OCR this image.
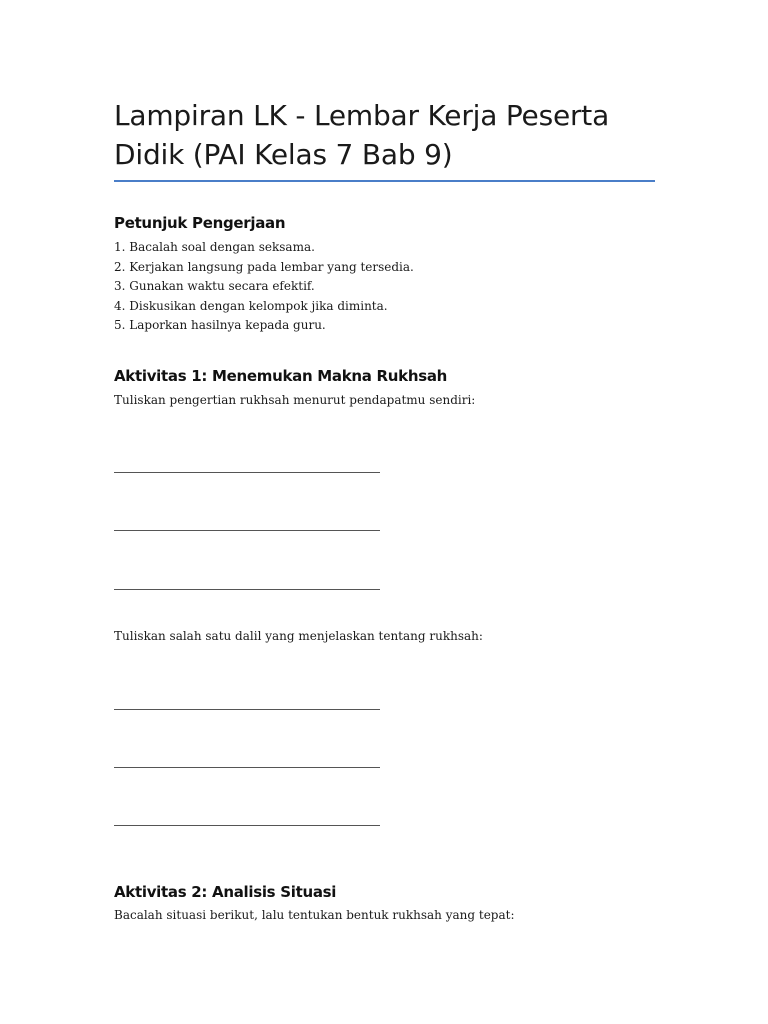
Lampiran LK - Lembar Kerja Peserta Didik (PAI Kelas 7 Bab 9)
Petunjuk Pengerjaan
1. Bacalah soal dengan seksama.
2. Kerjakan langsung pada lembar yang tersedia.
3. Gunakan waktu secara efektif.
4. Diskusikan dengan kelompok jika diminta.
5. Laporkan hasilnya kepada guru.
Aktivitas 1: Menemukan Makna Rukhsah

Tuliskan pengertian rukhsah menurut pendapatmu sendiri:

Tuliskan salah satu dalil yang menjelaskan tentang rukhsah:

Aktivitas 2: Analisis Situasi

Bacalah situasi berikut, lalu tentukan bentuk rukhsah yang tepat:
